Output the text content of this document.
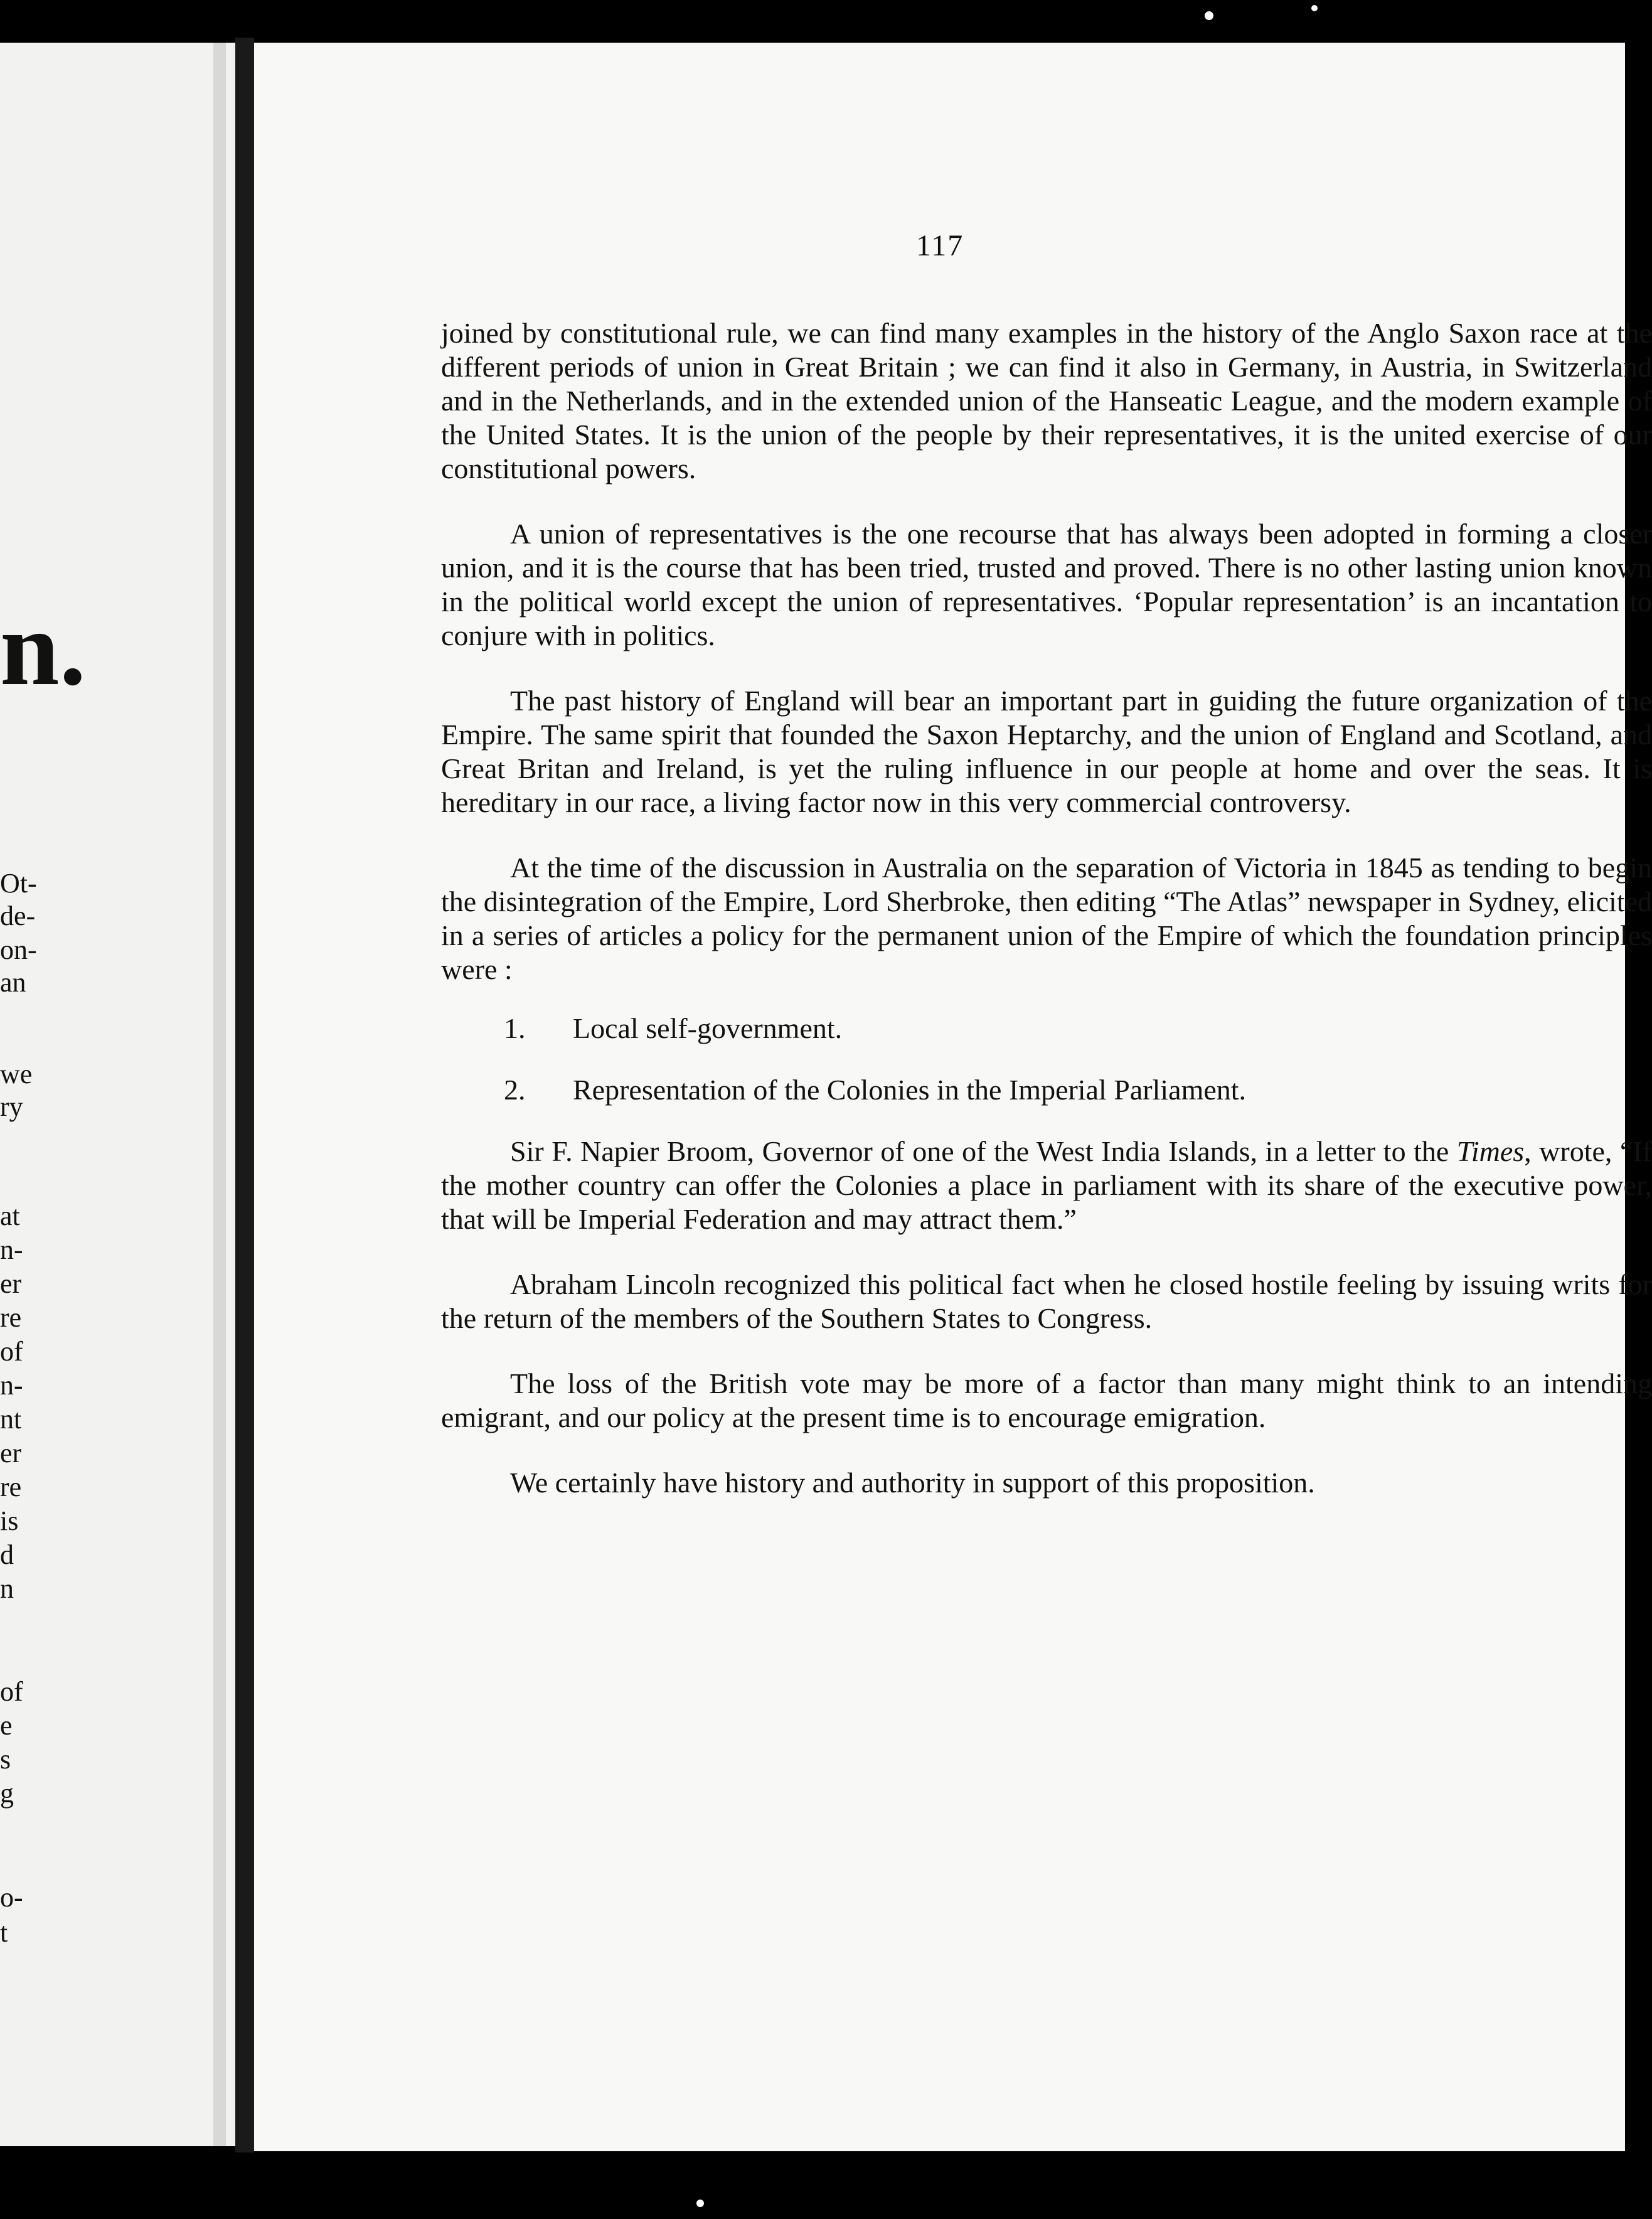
n.
Ot-
de-
on-
an
we
ry
at
n-
er
re
of
n-
nt
er
re
is
d
n
of
e
s
g
o-
t
117

joined by constitutional rule, we can find many examples in the history of the Anglo Saxon race at the different periods of union in Great Britain ; we can find it also in Germany, in Austria, in Switzerland and in the Netherlands, and in the extended union of the Hanseatic League, and the modern example of the United States. It is the union of the people by their representatives, it is the united exercise of our constitutional powers.

A union of representatives is the one recourse that has always been adopted in forming a closer union, and it is the course that has been tried, trusted and proved. There is no other lasting union known in the political world except the union of representatives. ‘Popular representation’ is an incantation to conjure with in politics.

The past history of England will bear an important part in guiding the future organization of the Empire. The same spirit that founded the Saxon Heptarchy, and the union of England and Scotland, and Great Britan and Ireland, is yet the ruling influence in our people at home and over the seas. It is hereditary in our race, a living factor now in this very commercial controversy.

At the time of the discussion in Australia on the separation of Victoria in 1845 as tending to begin the disintegration of the Empire, Lord Sherbroke, then editing “The Atlas” newspaper in Sydney, elicited in a series of articles a policy for the permanent union of the Empire of which the foundation principles were :

1.	Local self-government.
2.	Representation of the Colonies in the Imperial Parliament.

Sir F. Napier Broom, Governor of one of the West India Islands, in a letter to the Times, wrote, “If the mother country can offer the Colonies a place in parliament with its share of the executive power, that will be Imperial Federation and may attract them.”

Abraham Lincoln recognized this political fact when he closed hostile feeling by issuing writs for the return of the members of the Southern States to Congress.

The loss of the British vote may be more of a factor than many might think to an intending emigrant, and our policy at the present time is to encourage emigration.

We certainly have history and authority in support of this proposition.
